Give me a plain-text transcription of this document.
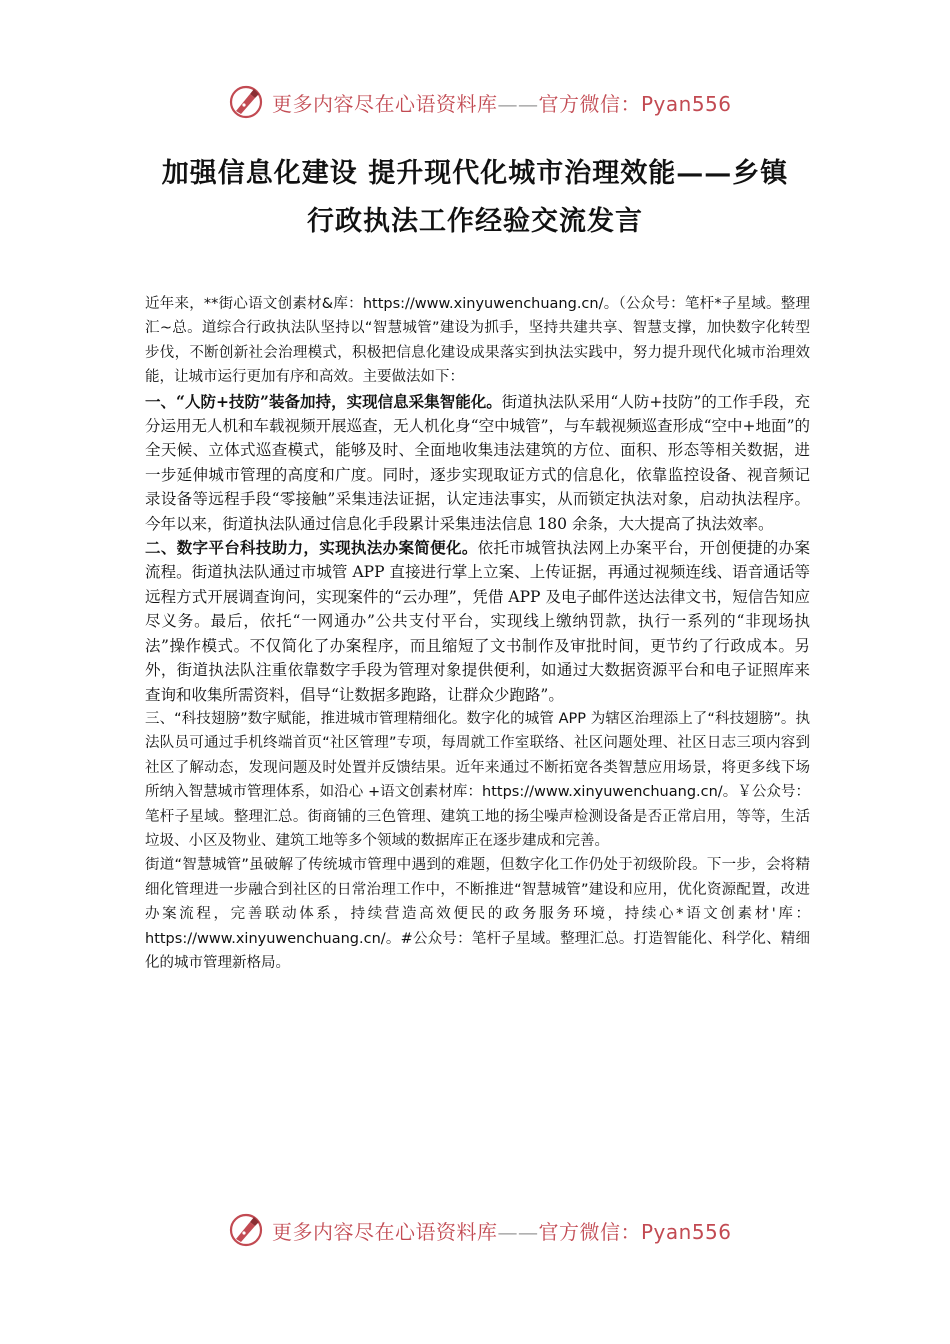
更多内容尽在心语资料库——官方微信：Pyan556
加强信息化建设 提升现代化城市治理效能——乡镇
行政执法工作经验交流发言

近年来，**街心语文创素材&库：https://www.xinyuwenchuang.cn/。（公众号：笔杆*子星域。整理汇~总。道综合行政执法队坚持以“智慧城管”建设为抓手，坚持共建共享、智慧支撑，加快数字化转型步伐，不断创新社会治理模式，积极把信息化建设成果落实到执法实践中，努力提升现代化城市治理效能，让城市运行更加有序和高效。主要做法如下：

一、“人防+技防”装备加持，实现信息采集智能化。街道执法队采用“人防+技防”的工作手段，充分运用无人机和车载视频开展巡查，无人机化身“空中城管”，与车载视频巡查形成“空中+地面”的全天候、立体式巡查模式，能够及时、全面地收集违法建筑的方位、面积、形态等相关数据，进一步延伸城市管理的高度和广度。同时，逐步实现取证方式的信息化，依靠监控设备、视音频记录设备等远程手段“零接触”采集违法证据，认定违法事实，从而锁定执法对象，启动执法程序。今年以来，街道执法队通过信息化手段累计采集违法信息 180 余条，大大提高了执法效率。

二、数字平台科技助力，实现执法办案简便化。依托市城管执法网上办案平台，开创便捷的办案流程。街道执法队通过市城管 APP 直接进行掌上立案、上传证据，再通过视频连线、语音通话等远程方式开展调查询问，实现案件的“云办理”，凭借 APP 及电子邮件送达法律文书，短信告知应尽义务。最后，依托“一网通办”公共支付平台，实现线上缴纳罚款，执行一系列的“非现场执法”操作模式。不仅简化了办案程序，而且缩短了文书制作及审批时间，更节约了行政成本。另外，街道执法队注重依靠数字手段为管理对象提供便利，如通过大数据资源平台和电子证照库来查询和收集所需资料，倡导“让数据多跑路，让群众少跑路”。

三、“科技翅膀”数字赋能，推进城市管理精细化。数字化的城管 APP 为辖区治理添上了“科技翅膀”。执法队员可通过手机终端首页“社区管理”专项，每周就工作室联络、社区问题处理、社区日志三项内容到社区了解动态，发现问题及时处置并反馈结果。近年来通过不断拓宽各类智慧应用场景，将更多线下场所纳入智慧城市管理体系，如沿心 +语文创素材库：https://www.xinyuwenchuang.cn/。￥公众号：笔杆子星域。整理汇总。街商铺的三色管理、建筑工地的扬尘噪声检测设备是否正常启用，等等，生活垃圾、小区及物业、建筑工地等多个领域的数据库正在逐步建成和完善。

街道“智慧城管”虽破解了传统城市管理中遇到的难题，但数字化工作仍处于初级阶段。下一步，会将精细化管理进一步融合到社区的日常治理工作中，不断推进“智慧城管”建设和应用，优化资源配置，改进办案流程，完善联动体系，持续营造高效便民的政务服务环境，持续心*语文创素材'库：https://www.xinyuwenchuang.cn/。#公众号：笔杆子星域。整理汇总。打造智能化、科学化、精细化的城市管理新格局。

更多内容尽在心语资料库——官方微信：Pyan556
